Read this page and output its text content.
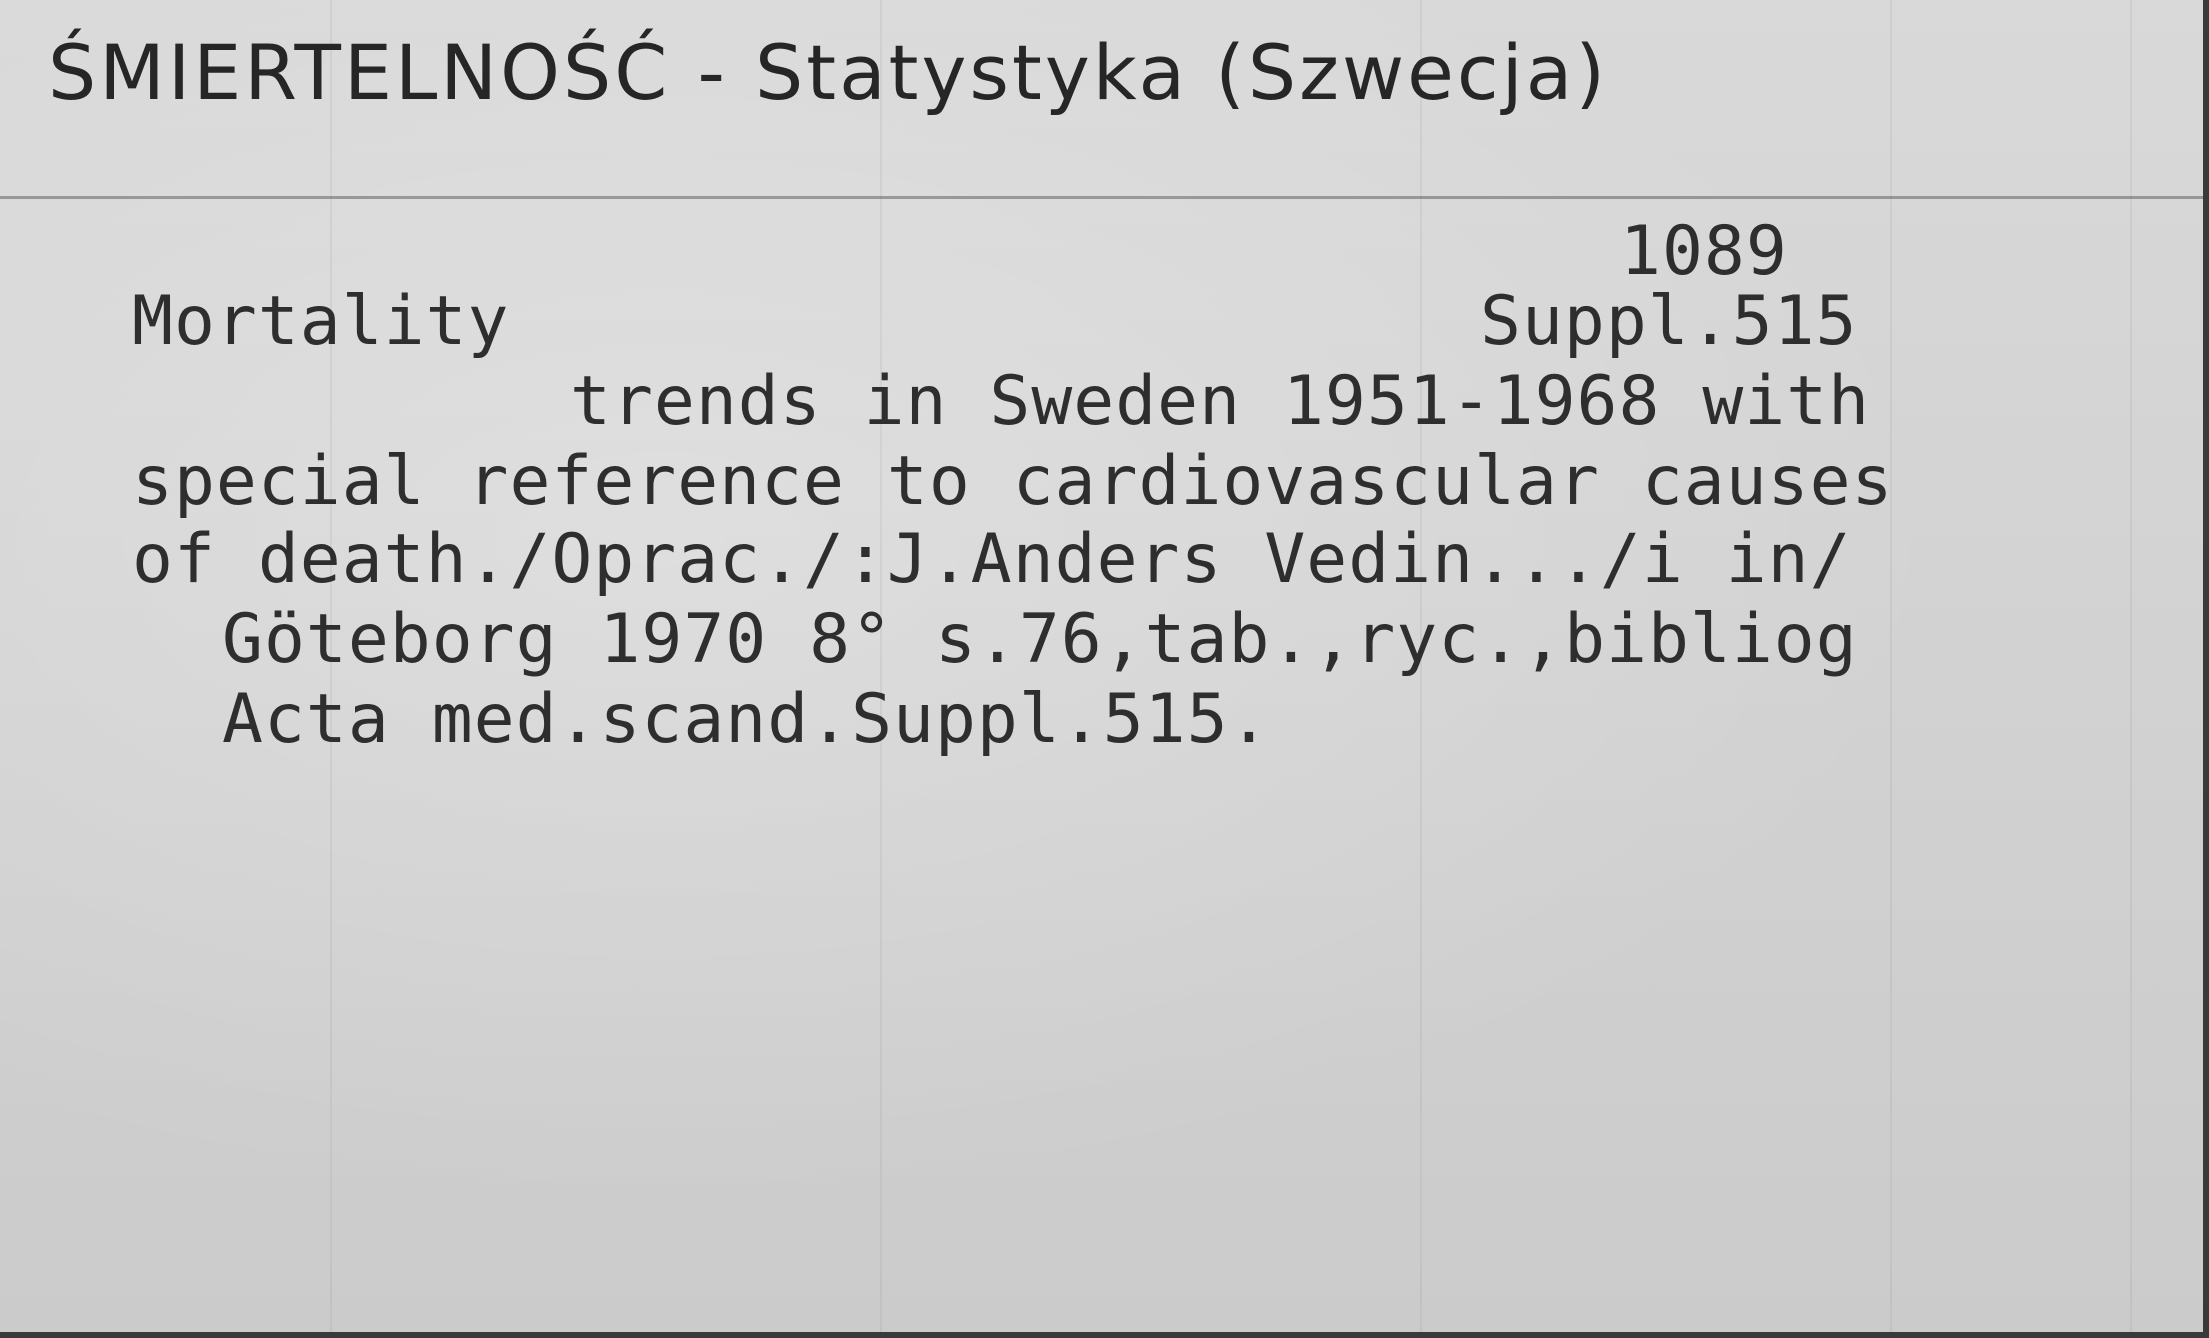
ŚMIERTELNOŚĆ - Statystyka (Szwecja)
1089
Mortality	Suppl.515
trends in Sweden 1951-1968 with
special reference to cardiovascular causes
of death./Oprac./:J.Anders Vedin.../i in/
Göteborg 1970 8° s.76,tab.,ryc.,bibliog
Acta med.scand.Suppl.515.
